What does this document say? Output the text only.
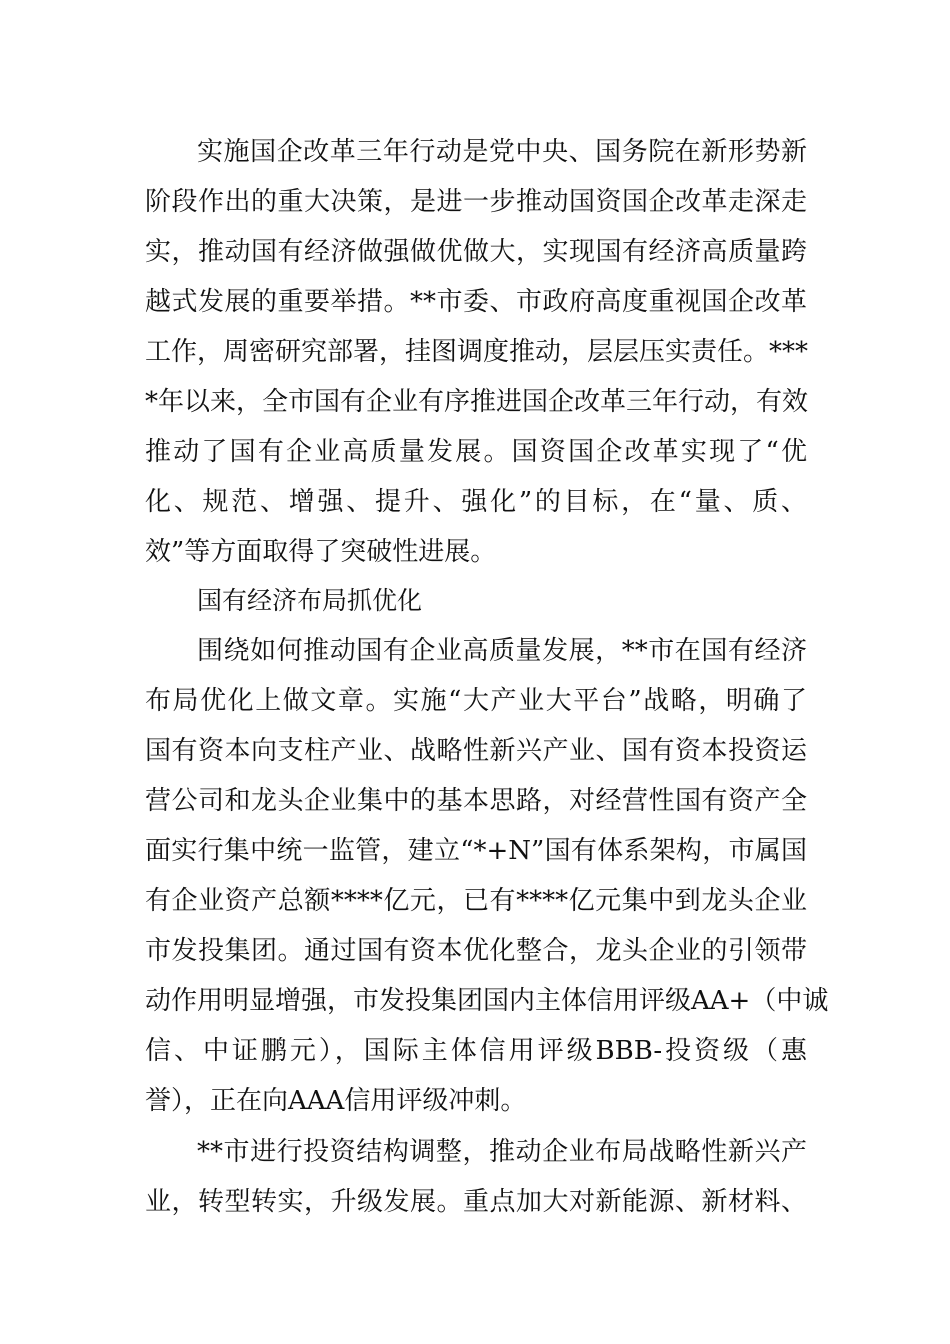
实施国企改革三年行动是党中央、国务院在新形势新
阶段作出的重大决策，是进一步推动国资国企改革走深走
实，推动国有经济做强做优做大，实现国有经济高质量跨
越式发展的重要举措。**市委、市政府高度重视国企改革
工作，周密研究部署，挂图调度推动，层层压实责任。***
*年以来，全市国有企业有序推进国企改革三年行动，有效
推动了国有企业高质量发展。国资国企改革实现了“优
化、规范、增强、提升、强化”的目标，在“量、质、
效”等方面取得了突破性进展。
国有经济布局抓优化
围绕如何推动国有企业高质量发展，**市在国有经济
布局优化上做文章。实施“大产业大平台”战略，明确了
国有资本向支柱产业、战略性新兴产业、国有资本投资运
营公司和龙头企业集中的基本思路，对经营性国有资产全
面实行集中统一监管，建立“*+N”国有体系架构，市属国
有企业资产总额****亿元，已有****亿元集中到龙头企业
市发投集团。通过国有资本优化整合，龙头企业的引领带
动作用明显增强，市发投集团国内主体信用评级AA+（中诚
信、中证鹏元），国际主体信用评级BBB-投资级（惠
誉），正在向AAA信用评级冲刺。
**市进行投资结构调整，推动企业布局战略性新兴产
业，转型转实，升级发展。重点加大对新能源、新材料、
